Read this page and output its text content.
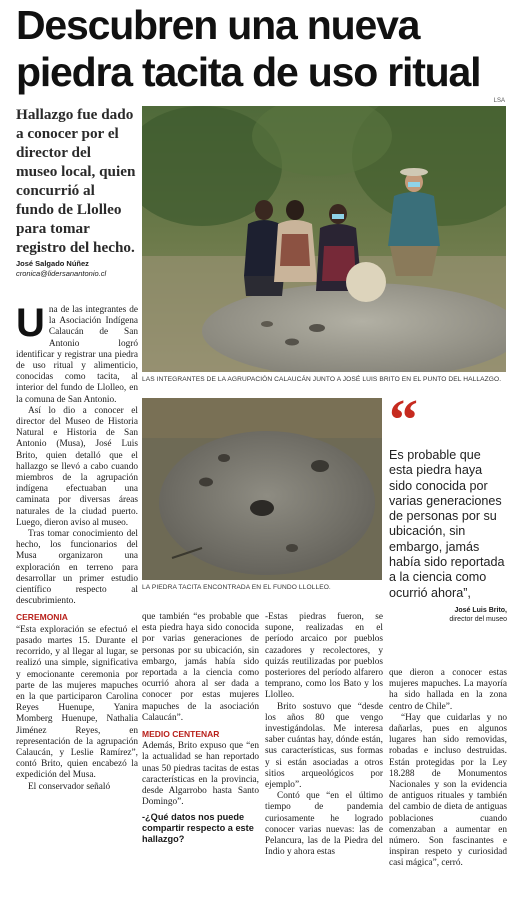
Descubren una nueva piedra tacita de uso ritual
LSA
Hallazgo fue dado a conocer por el director del museo local, quien concurrió al fundo de Llolleo para tomar registro del hecho.
José Salgado Núñez
cronica@lidersanantonio.cl
LAS INTEGRANTES DE LA AGRUPACIÓN CALAUCÁN JUNTO A JOSÉ LUIS BRITO EN EL PUNTO DEL HALLAZGO.
LA PIEDRA TACITA ENCONTRADA EN EL FUNDO LLOLLEO.
“
Es probable que esta piedra haya sido conocida por varias generaciones de personas por su ubicación, sin embargo, jamás había sido reportada a la ciencia como ocurrió ahora”,
José Luis Brito,
director del museo

Una de las integrantes de la Asociación Indígena Calaucán de San Antonio logró identificar y registrar una piedra de uso ritual y alimenticio, conocidas como tacita, al interior del fundo de Llolleo, en la comuna de San Antonio.

Así lo dio a conocer el director del Museo de Historia Natural e Historia de San Antonio (Musa), José Luis Brito, quien detalló que el hallazgo se llevó a cabo cuando miembros de la agrupación indígena efectuaban una caminata por diversas áreas naturales de la ciudad puerto. Luego, dieron aviso al museo.

Tras tomar conocimiento del hecho, los funcionarios del Musa organizaron una exploración en terreno para desarrollar un primer estudio científico respecto al descubrimiento.

CEREMONIA

“Esta exploración se efectuó el pasado martes 15. Durante el recorrido, y al llegar al lugar, se realizó una simple, significativa y emocionante ceremonia por parte de las mujeres mapuches en la que participaron Carolina Reyes Huenupe, Yanira Momberg Huenupe, Nathalia Jiménez Reyes, en representación de la agrupación Calaucán, y Leslie Ramírez”, contó Brito, quien encabezó la expedición del Musa.

El conservador señaló

que también “es probable que esta piedra haya sido conocida por varias generaciones de personas por su ubicación, sin embargo, jamás había sido reportada a la ciencia como ocurrió ahora al ser dada a conocer por estas mujeres mapuches de la asociación Calaucán”.

MEDIO CENTENAR

Además, Brito expuso que “en la actualidad se han reportado unas 50 piedras tacitas de estas características en la provincia, desde Algarrobo hasta Santo Domingo”.

-¿Qué datos nos puede compartir respecto a este hallazgo?

-Estas piedras fueron, se supone, realizadas en el período arcaico por pueblos cazadores y recolectores, y quizás reutilizadas por pueblos posteriores del período alfarero temprano, como los Bato y los Llolleo.

Brito sostuvo que “desde los años 80 que vengo investigándolas. Me interesa saber cuántas hay, dónde están, sus características, sus formas y si están asociadas a otros sitios arqueológicos por ejemplo”.

Contó que “en el último tiempo de pandemia curiosamente he logrado conocer varias nuevas: las de Pelancura, las de la Piedra del Indio y ahora estas

que dieron a conocer estas mujeres mapuches. La mayoría ha sido hallada en la zona centro de Chile”.

“Hay que cuidarlas y no dañarlas, pues en algunos lugares han sido removidas, robadas e incluso destruidas. Están protegidas por la Ley 18.288 de Monumentos Nacionales y son la evidencia de antiguos rituales y también del cambio de dieta de antiguas poblaciones cuando comenzaban a aumentar en número. Son fascinantes e inspiran respeto y curiosidad casi mágica”, cerró.
